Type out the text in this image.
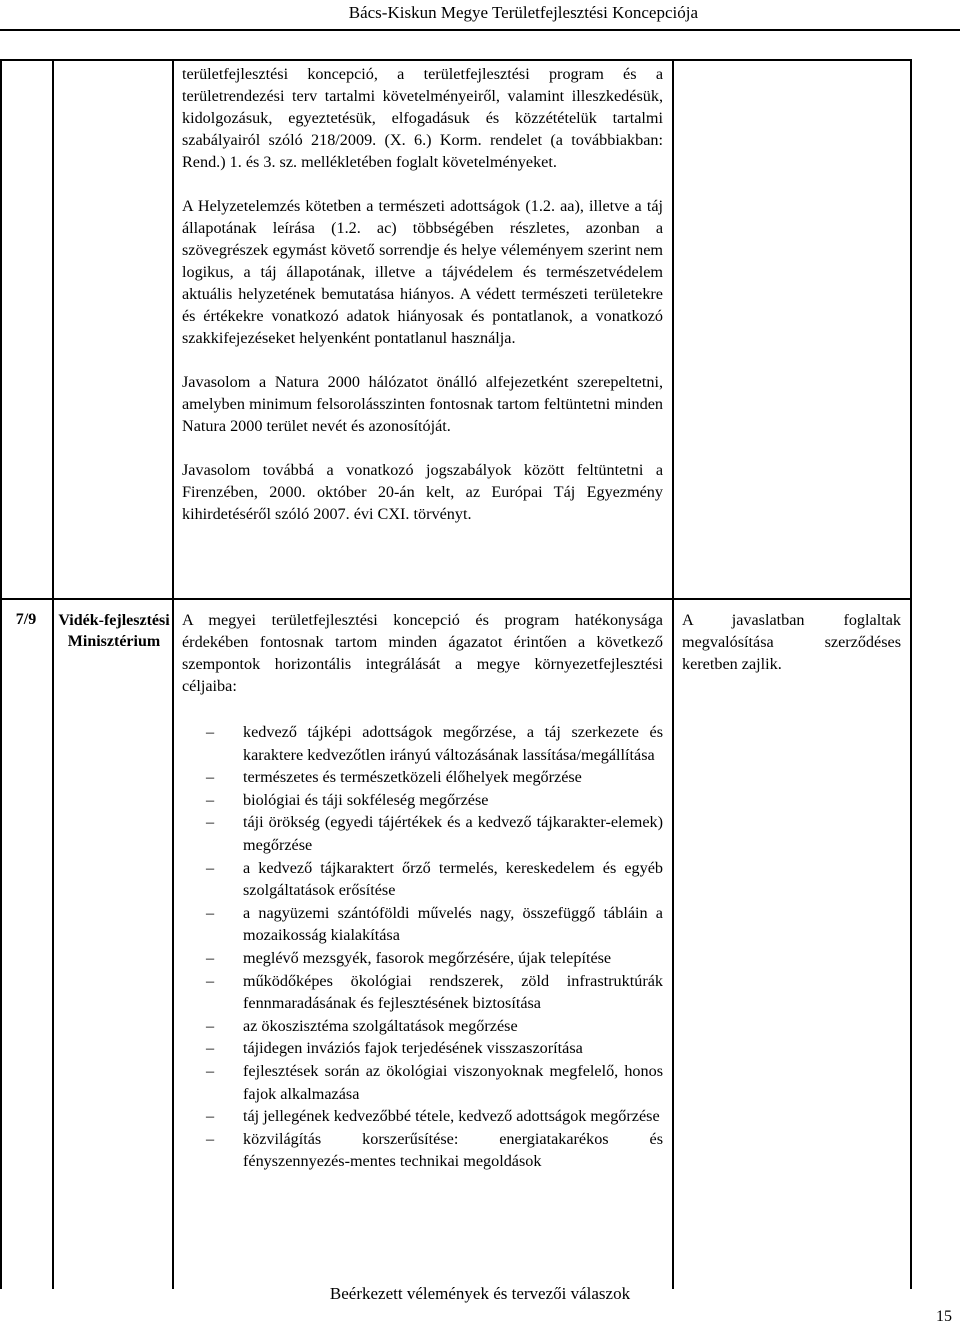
Bács-Kiskun Megye Területfejlesztési Koncepciója

területfejlesztési koncepció, a területfejlesztési program és a területrendezési terv tartalmi követelményeiről, valamint illeszkedésük, kidolgozásuk, egyeztetésük, elfogadásuk és közzétételük tartalmi szabályairól szóló 218/2009. (X. 6.) Korm. rendelet (a továbbiakban: Rend.) 1. és 3. sz. mellékletében foglalt követelményeket.

A Helyzetelemzés kötetben a természeti adottságok (1.2. aa), illetve a táj állapotának leírása (1.2. ac) többségében részletes, azonban a szövegrészek egymást követő sorrendje és helye véleményem szerint nem logikus, a táj állapotának, illetve a tájvédelem és természetvédelem aktuális helyzetének bemutatása hiányos. A védett természeti területekre és értékekre vonatkozó adatok hiányosak és pontatlanok, a vonatkozó szakkifejezéseket helyenként pontatlanul használja.

Javasolom a Natura 2000 hálózatot önálló alfejezetként szerepeltetni, amelyben minimum felsorolásszinten fontosnak tartom feltüntetni minden Natura 2000 terület nevét és azonosítóját.

Javasolom továbbá a vonatkozó jogszabályok között feltüntetni a Firenzében, 2000. október 20-án kelt, az Európai Táj Egyezmény kihirdetéséről szóló 2007. évi CXI. törvényt.

7/9	Vidék-fejlesztési Minisztérium

A megyei területfejlesztési koncepció és program hatékonysága érdekében fontosnak tartom minden ágazatot érintően a következő szempontok horizontális integrálását a megye környezetfejlesztési céljaiba:

– kedvező tájképi adottságok megőrzése, a táj szerkezete és karaktere kedvezőtlen irányú változásának lassítása/megállítása
– természetes és természetközeli élőhelyek megőrzése
– biológiai és táji sokféleség megőrzése
– táji örökség (egyedi tájértékek és a kedvező tájkarakter-elemek) megőrzése
– a kedvező tájkaraktert őrző termelés, kereskedelem és egyéb szolgáltatások erősítése
– a nagyüzemi szántóföldi művelés nagy, összefüggő tábláin a mozaikosság kialakítása
– meglévő mezsgyék, fasorok megőrzésére, újak telepítése
– működőképes ökológiai rendszerek, zöld infrastruktúrák fennmaradásának és fejlesztésének biztosítása
– az ökoszisztéma szolgáltatások megőrzése
– tájidegen inváziós fajok terjedésének visszaszorítása
– fejlesztések során az ökológiai viszonyoknak megfelelő, honos fajok alkalmazása
– táj jellegének kedvezőbbé tétele, kedvező adottságok megőrzése
– közvilágítás korszerűsítése: energiatakarékos és fényszennyezés-mentes technikai megoldások
A javaslatban foglaltak megvalósítása szerződéses keretben zajlik.
Beérkezett vélemények és tervezői válaszok
15
